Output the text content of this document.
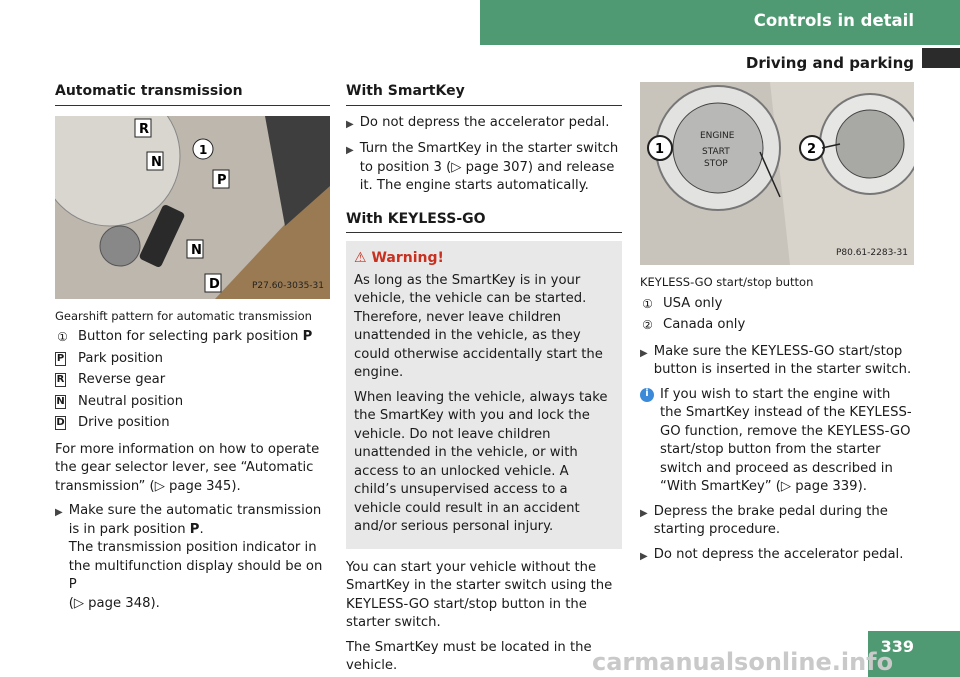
Controls in detail
Driving and parking
Automatic transmission
R
N
P
N
D
1
P27.60-3035-31
Gearshift pattern for automatic transmission
① Button for selecting park position P
P Park position
R Reverse gear
N Neutral position
D Drive position

For more information on how to operate the gear selector lever, see “Automatic transmission” (▷ page 345).

▶ Make sure the automatic transmission is in park position P.
The transmission position indicator in the multifunction display should be on P
(▷ page 348).
With SmartKey
▶ Do not depress the accelerator pedal.
▶ Turn the SmartKey in the starter switch to position 3 (▷ page 307) and release it. The engine starts automatically.
With KEYLESS-GO
⚠ Warning!

As long as the SmartKey is in your vehicle, the vehicle can be started. Therefore, never leave children unattended in the vehicle, as they could otherwise accidentally start the engine.

When leaving the vehicle, always take the SmartKey with you and lock the vehicle. Do not leave children unattended in the vehicle, or with access to an unlocked vehicle. A child’s unsupervised access to a vehicle could result in an accident and/or serious personal injury.

You can start your vehicle without the SmartKey in the starter switch using the KEYLESS-GO start/stop button in the starter switch.

The SmartKey must be located in the vehicle.

ENGINE
START
STOP
1	2
P80.61-2283-31
KEYLESS-GO start/stop button
① USA only
② Canada only
▶ Make sure the KEYLESS-GO start/stop button is inserted in the starter switch.
i If you wish to start the engine with the SmartKey instead of the KEYLESS-GO function, remove the KEYLESS-GO start/stop button from the starter switch and proceed as described in “With SmartKey” (▷ page 339).
▶ Depress the brake pedal during the starting procedure.
▶ Do not depress the accelerator pedal.
339
carmanualsonline.info
